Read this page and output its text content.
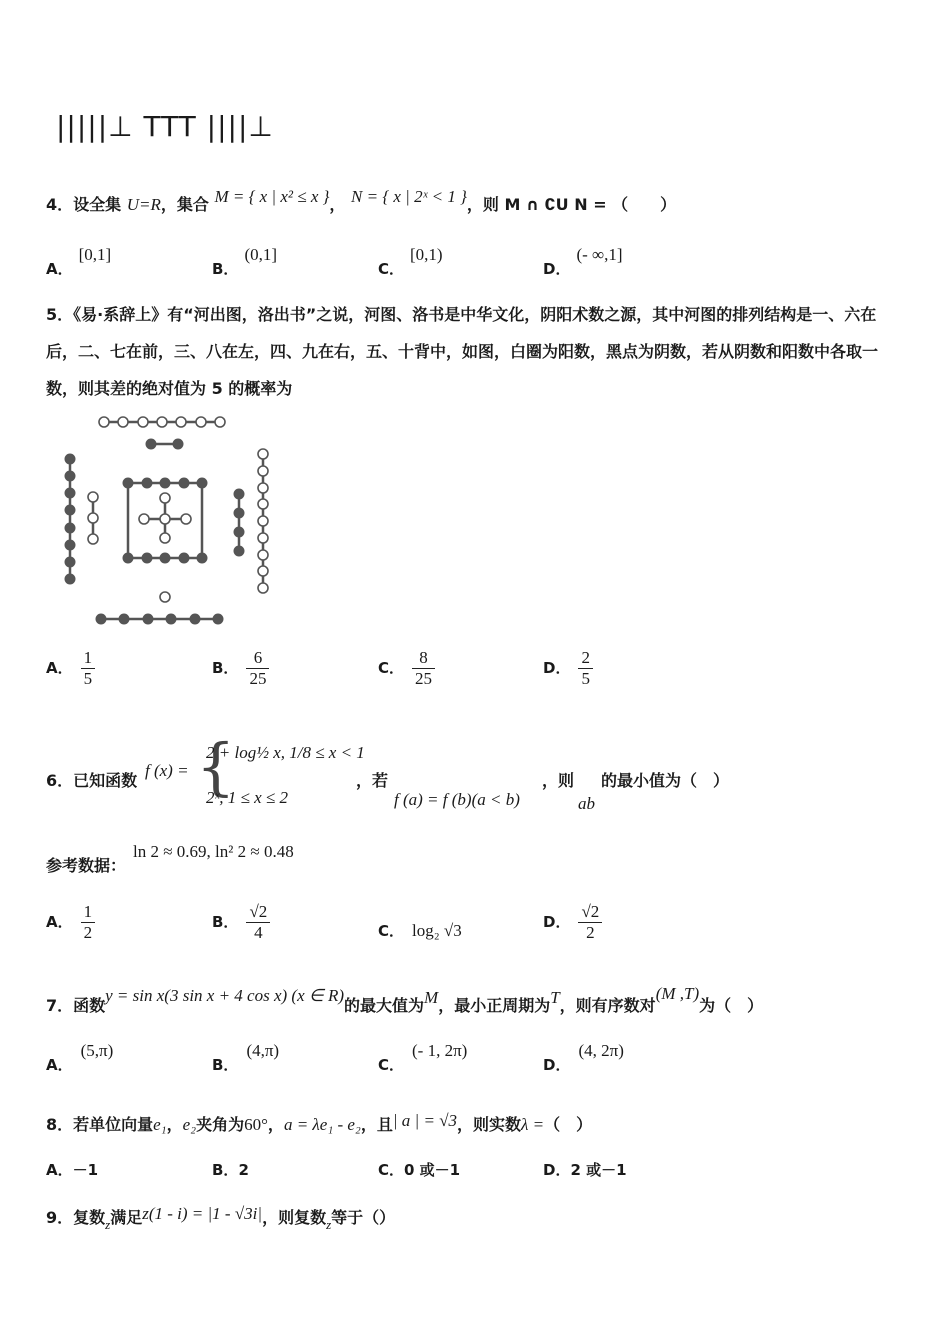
|||||⊥ TTT ||||⊥
4．设全集 U=R，集合 M = { x | x² ≤ x }， N = { x | 2ˣ < 1 }，则 M ∩ ∁U N = （　　）
A．[0,1]
B．(0,1]
C．[0,1)
D．(- ∞,1]
5．《易·系辞上》有“河出图，洛出书”之说，河图、洛书是中华文化，阴阳术数之源，其中河图的排列结构是一、六在后，二、七在前，三、八在左，四、九在右，五、十背中，如图，白圈为阳数，黑点为阴数，若从阴数和阳数中各取一数，则其差的绝对值为 5 的概率为
A． $\frac{1}{5}$	B． $\frac{6}{25}$	C． $\frac{8}{25}$	D． $\frac{2}{5}$
6．已知函数
f (x) = {
2 + log½ x, 1/8 ≤ x < 1
2ˣ, 1 ≤ x ≤ 2
，若
f (a) = f (b)(a < b)
，则
ab
的最小值为（　）
参考数据：
ln 2 ≈ 0.69, ln² 2 ≈ 0.48
A． $\frac{1}{2}$	B． $\frac{√2}{4}$	C． log₂ √3	D． $\frac{√2}{2}$
7．函数y = sin x(3 sin x + 4 cos x) (x ∈ R)的最大值为M，最小正周期为T，则有序数对(M ,T)为（　）
A．(5,π)
B．(4,π)
C．(- 1, 2π)
D．(4, 2π)
8．若单位向量e₁，e₂夹角为60°，a = λe₁ - e₂，且| a | = √3，则实数λ =（　）
A．－1	B．2	C．0 或－1	D．2 或－1
9．复数$_z$满足z(1 - i) = |1 - √3i|，则复数$_z$等于（）
